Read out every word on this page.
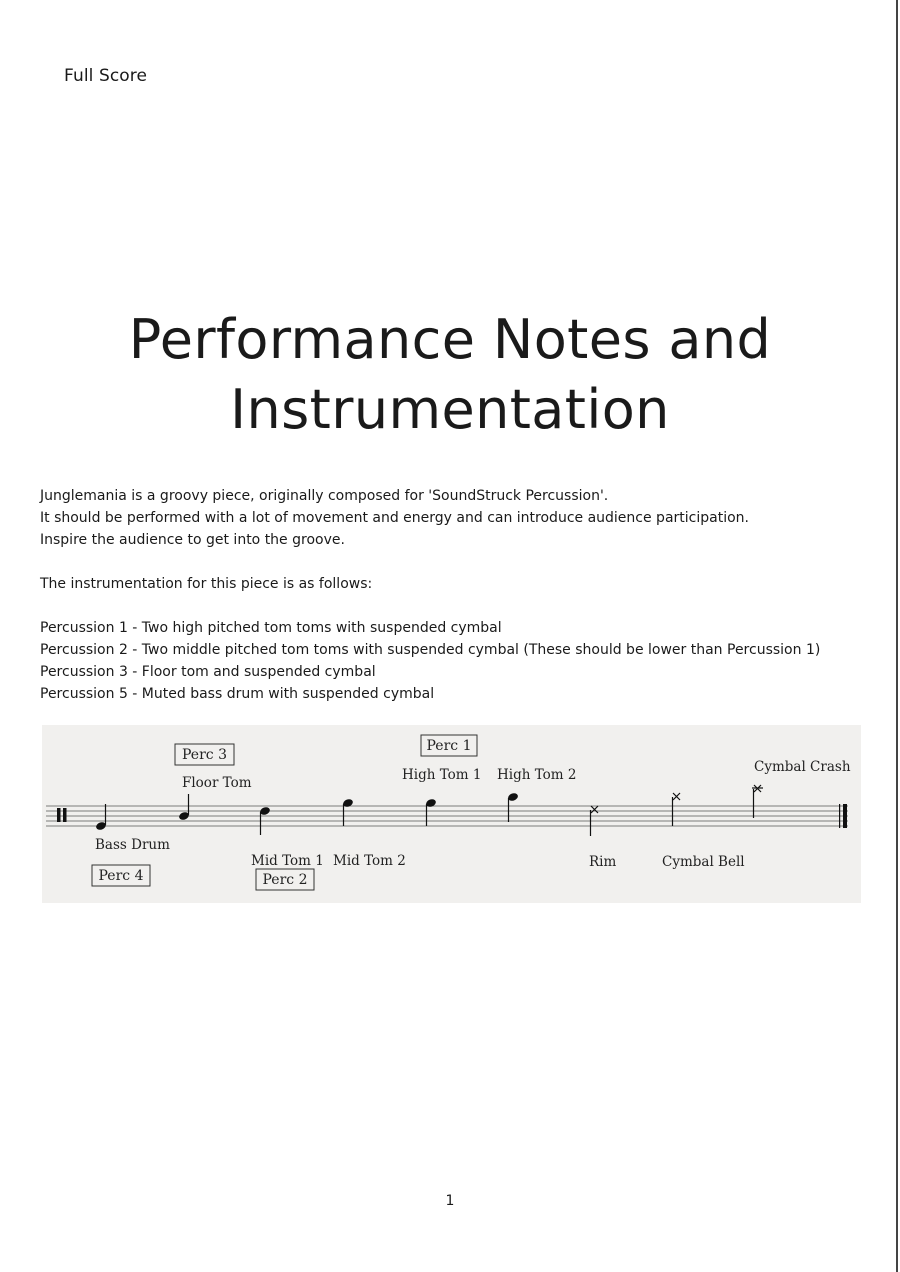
Full Score
Performance Notes and
Instrumentation

Junglemania is a groovy piece, originally composed for 'SoundStruck Percussion'.

It should be performed with a lot of movement and energy and can introduce audience participation.

Inspire the audience to get into the groove.

The instrumentation for this piece is as follows:

Percussion 1 - Two high pitched tom toms with suspended cymbal

Percussion 2 - Two middle pitched tom toms with suspended cymbal (These should be lower than Percussion 1)

Percussion 3 - Floor tom and suspended cymbal

Percussion 5 - Muted bass drum with suspended cymbal

Perc 3
Perc 1
Perc 4	Perc 2
Floor Tom	High Tom 1 High Tom 2	Cymbal Crash
Bass Drum
Mid Tom 1 Mid Tom 2	Rim	Cymbal Bell
1
